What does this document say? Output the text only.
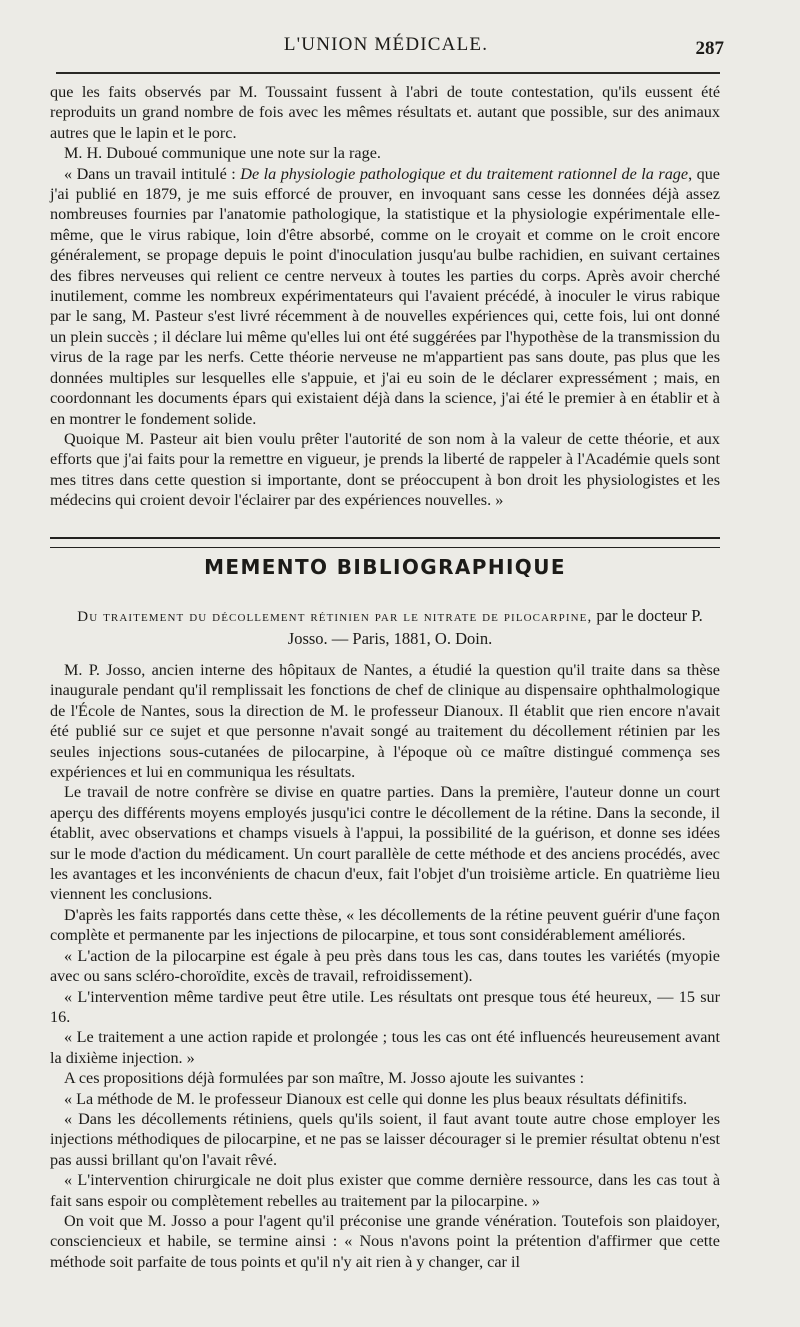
L'UNION MÉDICALE.	287

que les faits observés par M. Toussaint fussent à l'abri de toute contestation, qu'ils eussent été reproduits un grand nombre de fois avec les mêmes résultats et. autant que possible, sur des animaux autres que le lapin et le porc.

M. H. Duboué communique une note sur la rage.

« Dans un travail intitulé : De la physiologie pathologique et du traitement rationnel de la rage, que j'ai publié en 1879, je me suis efforcé de prouver, en invoquant sans cesse les données déjà assez nombreuses fournies par l'anatomie pathologique, la statistique et la physiologie expérimentale elle-même, que le virus rabique, loin d'être absorbé, comme on le croyait et comme on le croit encore généralement, se propage depuis le point d'inoculation jusqu'au bulbe rachidien, en suivant certaines des fibres nerveuses qui relient ce centre nerveux à toutes les parties du corps. Après avoir cherché inutilement, comme les nombreux expérimentateurs qui l'avaient précédé, à inoculer le virus rabique par le sang, M. Pasteur s'est livré récemment à de nouvelles expériences qui, cette fois, lui ont donné un plein succès ; il déclare lui même qu'elles lui ont été suggérées par l'hypothèse de la transmission du virus de la rage par les nerfs. Cette théorie nerveuse ne m'appartient pas sans doute, pas plus que les données multiples sur lesquelles elle s'appuie, et j'ai eu soin de le déclarer expressément ; mais, en coordonnant les documents épars qui existaient déjà dans la science, j'ai été le premier à en établir et à en montrer le fondement solide.

Quoique M. Pasteur ait bien voulu prêter l'autorité de son nom à la valeur de cette théorie, et aux efforts que j'ai faits pour la remettre en vigueur, je prends la liberté de rappeler à l'Académie quels sont mes titres dans cette question si importante, dont se préoccupent à bon droit les physiologistes et les médecins qui croient devoir l'éclairer par des expériences nouvelles. »

MEMENTO BIBLIOGRAPHIQUE
Du traitement du décollement rétinien par le nitrate de pilocarpine, par le docteur P. Josso. — Paris, 1881, O. Doin.

M. P. Josso, ancien interne des hôpitaux de Nantes, a étudié la question qu'il traite dans sa thèse inaugurale pendant qu'il remplissait les fonctions de chef de clinique au dispensaire ophthalmologique de l'École de Nantes, sous la direction de M. le professeur Dianoux. Il établit que rien encore n'avait été publié sur ce sujet et que personne n'avait songé au traitement du décollement rétinien par les seules injections sous-cutanées de pilocarpine, à l'époque où ce maître distingué commença ses expériences et lui en communiqua les résultats.

Le travail de notre confrère se divise en quatre parties. Dans la première, l'auteur donne un court aperçu des différents moyens employés jusqu'ici contre le décollement de la rétine. Dans la seconde, il établit, avec observations et champs visuels à l'appui, la possibilité de la guérison, et donne ses idées sur le mode d'action du médicament. Un court parallèle de cette méthode et des anciens procédés, avec les avantages et les inconvénients de chacun d'eux, fait l'objet d'un troisième article. En quatrième lieu viennent les conclusions.

D'après les faits rapportés dans cette thèse, « les décollements de la rétine peuvent guérir d'une façon complète et permanente par les injections de pilocarpine, et tous sont considérablement améliorés.

« L'action de la pilocarpine est égale à peu près dans tous les cas, dans toutes les variétés (myopie avec ou sans scléro-choroïdite, excès de travail, refroidissement).

« L'intervention même tardive peut être utile. Les résultats ont presque tous été heureux, — 15 sur 16.

« Le traitement a une action rapide et prolongée ; tous les cas ont été influencés heureusement avant la dixième injection. »

A ces propositions déjà formulées par son maître, M. Josso ajoute les suivantes :

« La méthode de M. le professeur Dianoux est celle qui donne les plus beaux résultats définitifs.

« Dans les décollements rétiniens, quels qu'ils soient, il faut avant toute autre chose employer les injections méthodiques de pilocarpine, et ne pas se laisser décourager si le premier résultat obtenu n'est pas aussi brillant qu'on l'avait rêvé.

« L'intervention chirurgicale ne doit plus exister que comme dernière ressource, dans les cas tout à fait sans espoir ou complètement rebelles au traitement par la pilocarpine. »

On voit que M. Josso a pour l'agent qu'il préconise une grande vénération. Toutefois son plaidoyer, consciencieux et habile, se termine ainsi : « Nous n'avons point la prétention d'affirmer que cette méthode soit parfaite de tous points et qu'il n'y ait rien à y changer, car il
